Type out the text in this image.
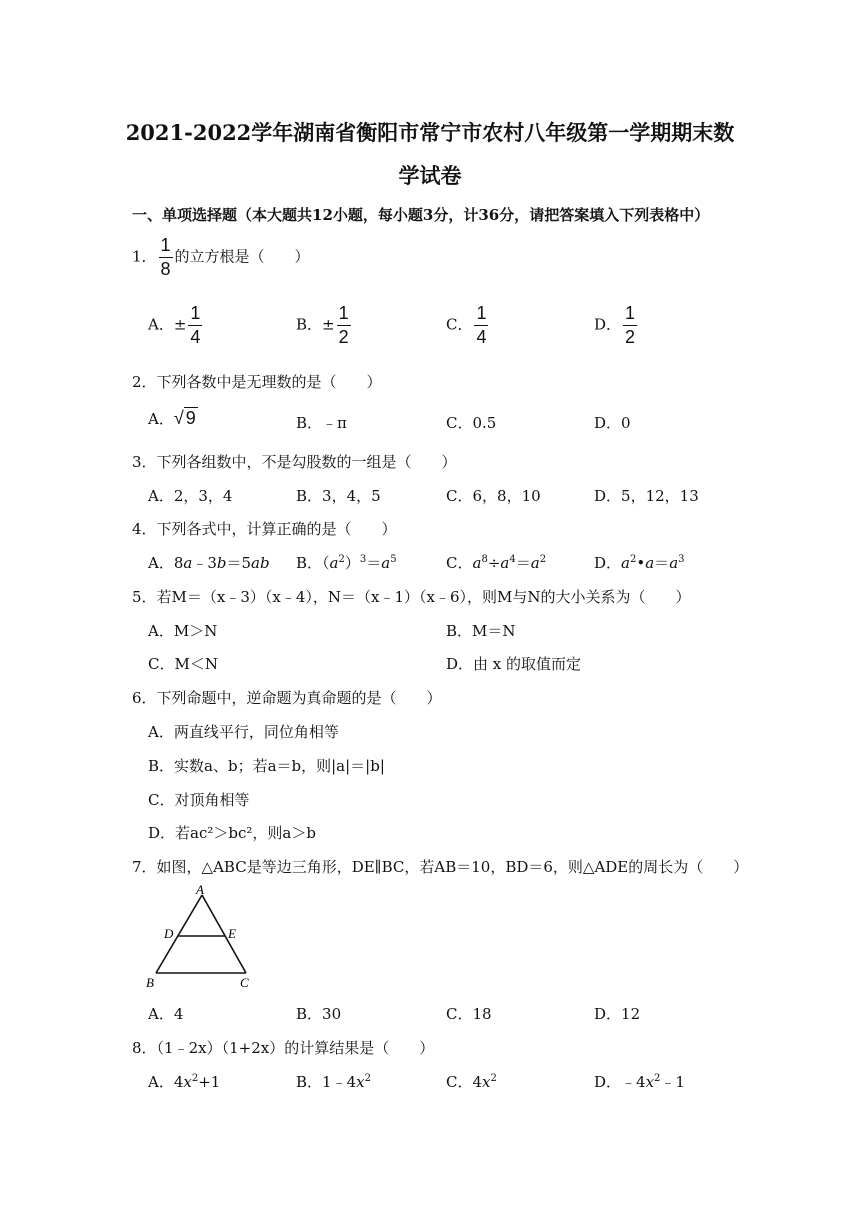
2021-2022学年湖南省衡阳市常宁市农村八年级第一学期期末数
学试卷
一、单项选择题（本大题共12小题，每小题3分，计36分，请把答案填入下列表格中）
1． $\frac{1}{8}$ 的立方根是（　　）
A．± $\frac{1}{4}$	B．± $\frac{1}{2}$	C． $\frac{1}{4}$	D． $\frac{1}{2}$
2．下列各数中是无理数的是（　　）
A．√ 9	B．﹣π	C．0.5	D．0
3．下列各组数中，不是勾股数的一组是（　　）
A．2，3，4	B．3，4，5	C．6，8，10	D．5，12，13
4．下列各式中，计算正确的是（　　）
A．8a﹣3b＝5ab B．$(a^2)^3=a^5$	C．$a^8\div a^4=a^2$	D．$a^2•a=a^3$
5．若M＝（x﹣3）（x﹣4），N＝（x﹣1）（x﹣6），则M与N的大小关系为（　　）
A．M＞N	B．M＝N
C．M＜N	D．由 x 的取值而定
6．下列命题中，逆命题为真命题的是（　　）
A．两直线平行，同位角相等
B．实数a、b；若a＝b，则|a|＝|b|
C．对顶角相等
D．若ac²＞bc²，则a＞b
7．如图，△ABC是等边三角形，DE∥BC，若AB＝10，BD＝6，则△ADE的周长为（　　）
A
D	E
B	C
A．4	B．30	C．18	D．12
8．（1﹣2x）（1+2x）的计算结果是（　　）
A．$4x^2+1$	B．$1﹣4x^2$	C．$4x^2$	D．$﹣4x^2﹣1$
